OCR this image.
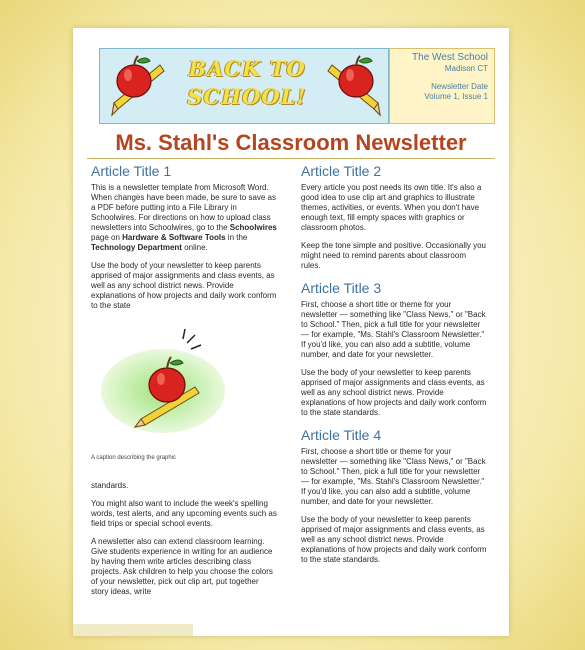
BACK TO
SCHOOL!
The West School
Madison CT
Newsletter Date
Volume 1, Issue 1
Ms. Stahl's Classroom Newsletter
Article Title 1

This is a newsletter template from Microsoft Word. When changes have been made, be sure to save as a PDF before putting into a File Library in Schoolwires. For directions on how to upload class newsletters into Schoolwires, go to the Schoolwires page on Hardware & Software Tools in the Technology Department online.

Use the body of your newsletter to keep parents apprised of major assignments and class events, as well as any school district news. Provide explanations of how projects and daily work conform to the state

A caption describing the graphic

standards.

You might also want to include the week's spelling words, test alerts, and any upcoming events such as field trips or special school events.

A newsletter also can extend classroom learning. Give students experience in writing for an audience by having them write articles describing class projects. Ask children to help you choose the colors of your newsletter, pick out clip art, put together story ideas, write

Article Title 2

Every article you post needs its own title. It's also a good idea to use clip art and graphics to illustrate themes, activities, or events. When you don't have enough text, fill empty spaces with graphics or classroom photos.

Keep the tone simple and positive. Occasionally you might need to remind parents about classroom rules.

Article Title 3

First, choose a short title or theme for your newsletter — something like "Class News," or "Back to School." Then, pick a full title for your newsletter — for example, "Ms. Stahl's Classroom Newsletter." If you'd like, you can also add a subtitle, volume number, and date for your newsletter.

Use the body of your newsletter to keep parents apprised of major assignments and class events, as well as any school district news. Provide explanations of how projects and daily work conform to the state standards.

Article Title 4

First, choose a short title or theme for your newsletter — something like "Class News," or "Back to School." Then, pick a full title for your newsletter — for example, "Ms. Stahl's Classroom Newsletter." If you'd like, you can also add a subtitle, volume number, and date for your newsletter.

Use the body of your newsletter to keep parents apprised of major assignments and class events, as well as any school district news. Provide explanations of how projects and daily work conform to the state standards.
